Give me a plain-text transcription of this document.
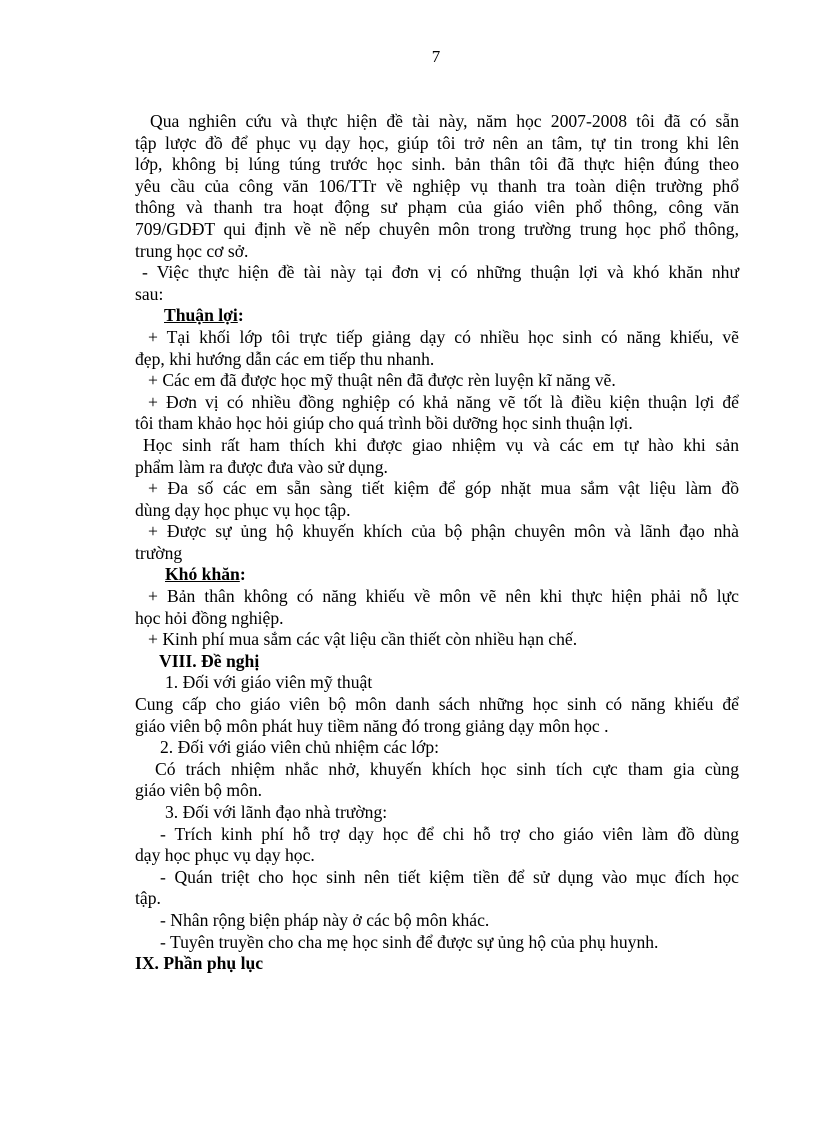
7

Qua nghiên cứu và thực hiện đề tài này, năm học 2007-2008 tôi đã có sẵn

tập lược đồ để phục vụ dạy học, giúp tôi trở nên an tâm, tự tin trong khi lên

lớp, không bị lúng túng trước học sinh. bản thân tôi đã thực hiện đúng theo

yêu cầu của công văn 106/TTr về nghiệp vụ thanh tra toàn diện trường phổ

thông và thanh tra hoạt động sư phạm của giáo viên phổ thông, công văn

709/GDĐT qui định về nề nếp chuyên môn trong trường trung học phổ thông,

trung học cơ sở.

- Việc thực hiện đề tài này tại đơn vị có những thuận lợi và khó khăn như

sau:

Thuận lợi:

+ Tại khối lớp tôi trực tiếp giảng dạy có nhiều học sinh có năng khiếu, vẽ

đẹp, khi hướng dẫn các em tiếp thu nhanh.

+ Các em đã được học mỹ thuật nên đã được rèn luyện kĩ năng vẽ.

+ Đơn vị có nhiều đồng nghiệp có khả năng vẽ tốt là điều kiện thuận lợi để

tôi tham khảo học hỏi giúp cho quá trình bồi dưỡng học sinh thuận lợi.

Học sinh rất ham thích khi được giao nhiệm vụ và các em tự hào khi sản

phẩm làm ra được đưa vào sử dụng.

+ Đa số các em sẵn sàng tiết kiệm để góp nhặt mua sắm vật liệu làm đồ

dùng dạy học phục vụ học tập.

+ Được sự ủng hộ khuyến khích của bộ phận chuyên môn và lãnh đạo nhà

trường

Khó khăn:

+ Bản thân không có năng khiếu về môn vẽ nên khi thực hiện phải nỗ lực

học hỏi đồng nghiệp.

+ Kinh phí mua sắm các vật liệu cần thiết còn nhiều hạn chế.

VIII. Đề nghị

1. Đối với giáo viên mỹ thuật

Cung cấp cho giáo viên bộ môn danh sách những học sinh có năng khiếu để

giáo viên bộ môn phát huy tiềm năng đó trong giảng dạy môn học .

2. Đối với giáo viên chủ nhiệm các lớp:

Có trách nhiệm nhắc nhở, khuyến khích học sinh tích cực tham gia cùng

giáo viên bộ môn.

3. Đối với lãnh đạo nhà trường:

- Trích kinh phí hỗ trợ dạy học để chi hỗ trợ cho giáo viên làm đồ dùng

dạy học phục vụ dạy học.

- Quán triệt cho học sinh nên tiết kiệm tiền để sử dụng vào mục đích học

tập.

- Nhân rộng biện pháp này ở các bộ môn khác.

- Tuyên truyền cho cha mẹ học sinh để được sự ủng hộ của phụ huynh.

IX. Phần phụ lục
